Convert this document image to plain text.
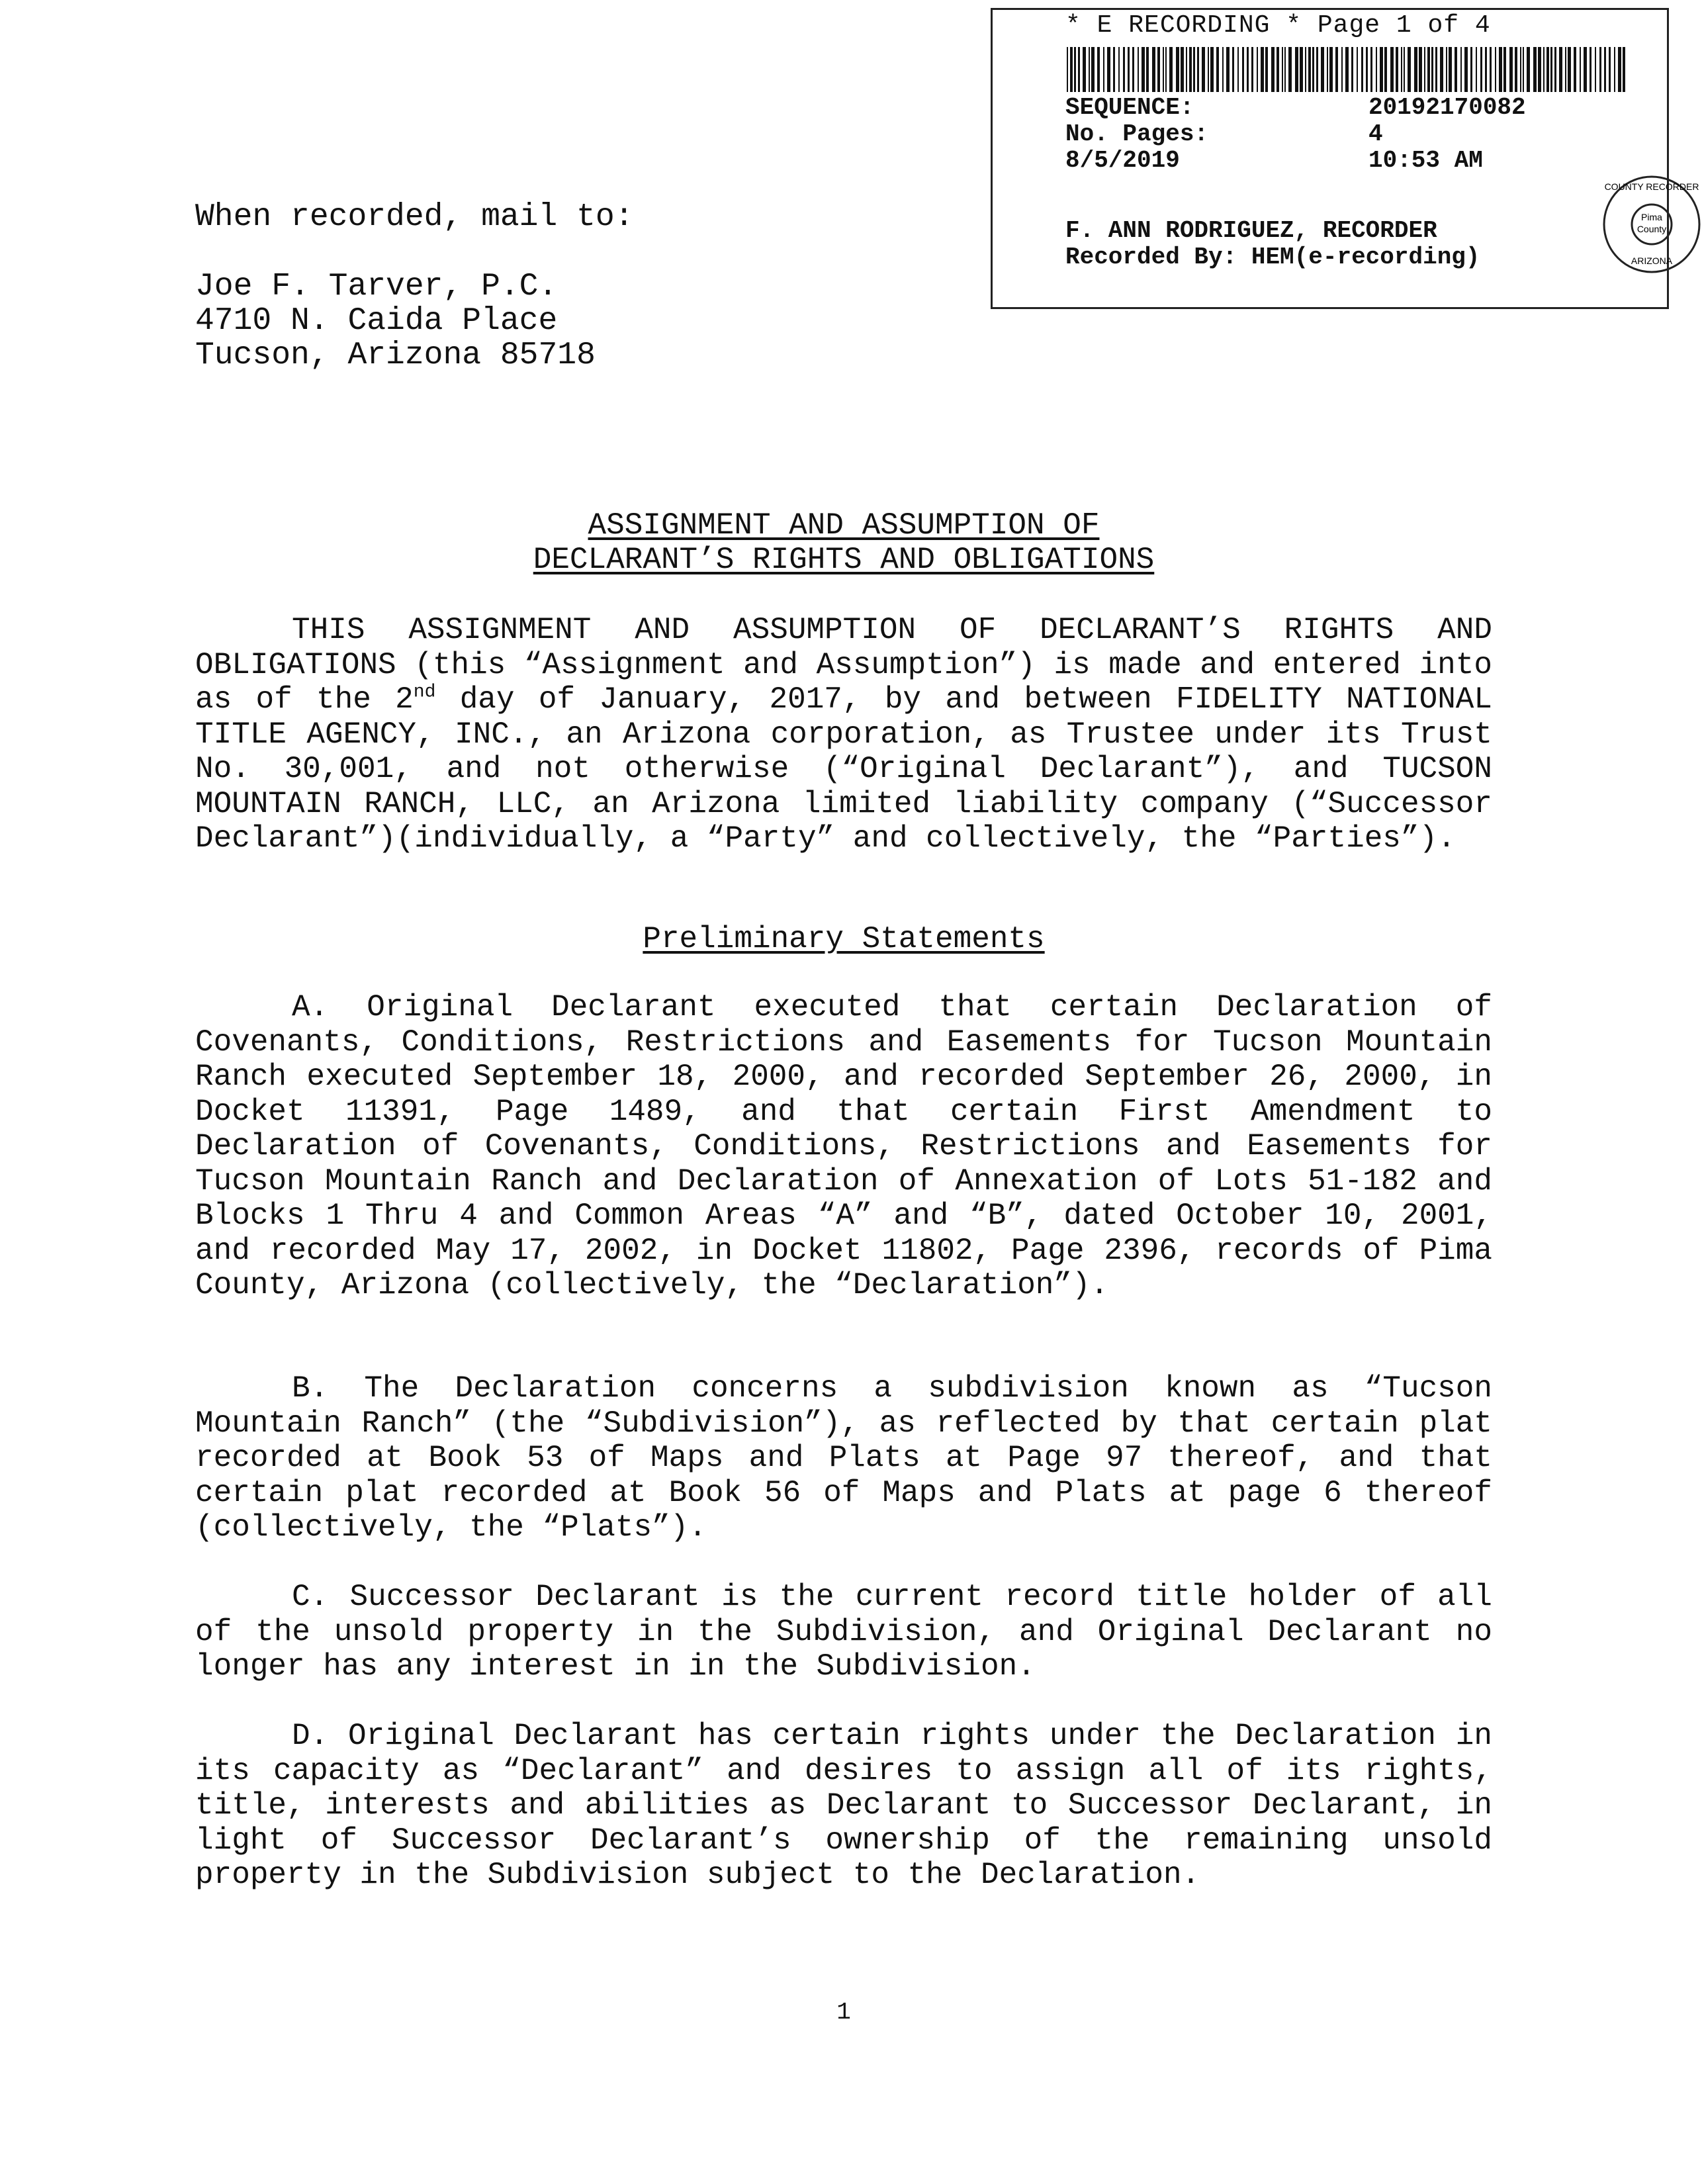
* E RECORDING * Page 1 of 4
SEQUENCE:	20192170082
No. Pages:	4
8/5/2019	10:53 AM
F. ANN RODRIGUEZ, RECORDER
Recorded By: HEM(e-recording)
Pima
County
COUNTY RECORDER
ARIZONA
When recorded, mail to:
Joe F. Tarver, P.C.
4710 N. Caida Place
Tucson, Arizona 85718
ASSIGNMENT AND ASSUMPTION OF
DECLARANT’S RIGHTS AND OBLIGATIONS

THIS ASSIGNMENT AND ASSUMPTION OF DECLARANT’S RIGHTS AND OBLIGATIONS (this “Assignment and Assumption”) is made and entered into as of the 2nd day of January, 2017, by and between FIDELITY NATIONAL TITLE AGENCY, INC., an Arizona corporation, as Trustee under its Trust No. 30,001, and not otherwise (“Original Declarant”), and TUCSON MOUNTAIN RANCH, LLC, an Arizona limited liability company (“Successor Declarant”)(individually, a “Party” and collectively, the “Parties”).

Preliminary Statements

A. Original Declarant executed that certain Declaration of Covenants, Conditions, Restrictions and Easements for Tucson Mountain Ranch executed September 18, 2000, and recorded September 26, 2000, in Docket 11391, Page 1489, and that certain First Amendment to Declaration of Covenants, Conditions, Restrictions and Easements for Tucson Mountain Ranch and Declaration of Annexation of Lots 51-182 and Blocks 1 Thru 4 and Common Areas “A” and “B”, dated October 10, 2001, and recorded May 17, 2002, in Docket 11802, Page 2396, records of Pima County, Arizona (collectively, the “Declaration”).

B. The Declaration concerns a subdivision known as “Tucson Mountain Ranch” (the “Subdivision”), as reflected by that certain plat recorded at Book 53 of Maps and Plats at Page 97 thereof, and that certain plat recorded at Book 56 of Maps and Plats at page 6 thereof (collectively, the “Plats”).

C. Successor Declarant is the current record title holder of all of the unsold property in the Subdivision, and Original Declarant no longer has any interest in in the Subdivision.

D. Original Declarant has certain rights under the Declaration in its capacity as “Declarant” and desires to assign all of its rights, title, interests and abilities as Declarant to Successor Declarant, in light of Successor Declarant’s ownership of the remaining unsold property in the Subdivision subject to the Declaration.

1
